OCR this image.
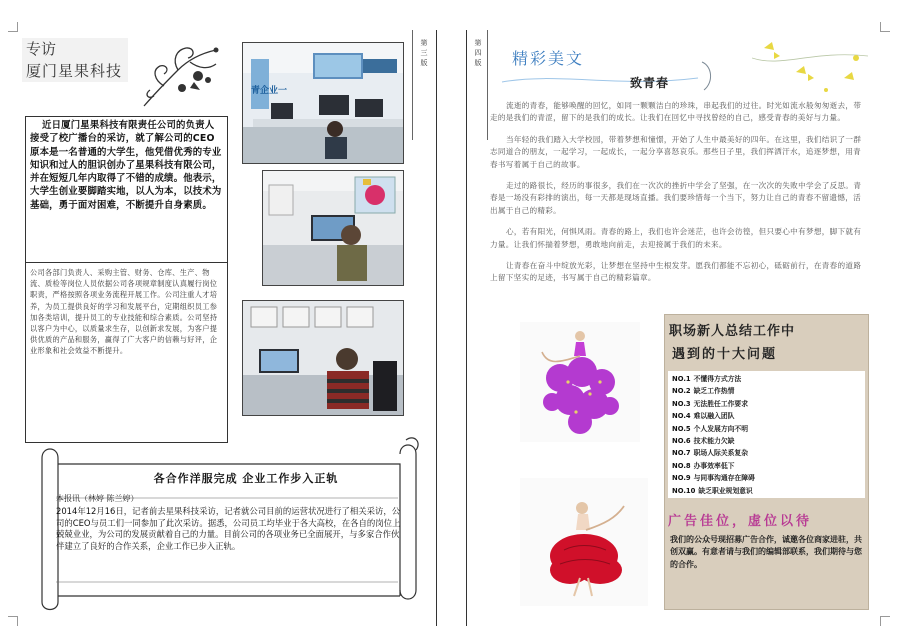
专访
厦门星果科技

近日厦门星果科技有限责任公司的负责人接受了校广播台的采访，就了解公司的CEO原本是一名普通的大学生，他凭借优秀的专业知识和过人的胆识创办了星果科技有限公司，并在短短几年内取得了不错的成绩。他表示，大学生创业要脚踏实地，以人为本，以技术为基础，勇于面对困难，不断提升自身素质。

公司各部门负责人、采购主管、财务、仓库、生产、物流、质检等岗位人员依据公司各项规章制度认真履行岗位职责，严格按照各项业务流程开展工作。公司注重人才培养，为员工提供良好的学习和发展平台，定期组织员工参加各类培训，提升员工的专业技能和综合素质。公司坚持以客户为中心，以质量求生存，以创新求发展，为客户提供优质的产品和服务，赢得了广大客户的信赖与好评，企业形象和社会效益不断提升。

青企业一
第 三 版
各合作洋服完成 企业工作步入正轨
本报讯（林婷 陈兰婷）

2014年12月16日，记者前去星果科技采访，记者就公司目前的运营状况进行了相关采访，公司的CEO与员工们一同参加了此次采访。据悉，公司员工均毕业于各大高校，在各自的岗位上兢兢业业，为公司的发展贡献着自己的力量。目前公司的各项业务已全面展开，与多家合作伙伴建立了良好的合作关系，企业工作已步入正轨。

第 四 版 精彩美文
致青春

流逝的青春，能够唤醒的回忆，如同一颗颗洁白的珍珠，串起我们的过往。时光如流水般匆匆逝去，带走的是我们的青涩，留下的是我们的成长。让我们在回忆中寻找曾经的自己，感受青春的美好与力量。

当年轻的我们踏入大学校园，带着梦想和憧憬，开始了人生中最美好的四年。在这里，我们结识了一群志同道合的朋友，一起学习，一起成长，一起分享喜怒哀乐。那些日子里，我们挥洒汗水，追逐梦想，用青春书写着属于自己的故事。

走过的路很长，经历的事很多，我们在一次次的挫折中学会了坚强，在一次次的失败中学会了反思。青春是一场没有彩排的演出，每一天都是现场直播。我们要珍惜每一个当下，努力让自己的青春不留遗憾，活出属于自己的精彩。

心，若有阳光，何惧风雨。青春的路上，我们也许会迷茫，也许会彷徨，但只要心中有梦想，脚下就有力量。让我们怀揣着梦想，勇敢地向前走，去迎接属于我们的未来。

让青春在奋斗中绽放光彩，让梦想在坚持中生根发芽。愿我们都能不忘初心，砥砺前行，在青春的道路上留下坚实的足迹，书写属于自己的精彩篇章。

职场新人总结工作中
遇到的十大问题
NO.1 不懂得方式方法
NO.2 缺乏工作热情
NO.3 无法胜任工作要求
NO.4 难以融入团队
NO.5 个人发展方向不明
NO.6 技术能力欠缺
NO.7 职场人际关系复杂
NO.8 办事效率低下
NO.9 与同事沟通存在障碍
NO.10 缺乏职业规划意识
广告佳位，虚位以待

我们的公众号现招募广告合作，诚邀各位商家进驻，共创双赢。有意者请与我们的编辑部联系，我们期待与您的合作。
